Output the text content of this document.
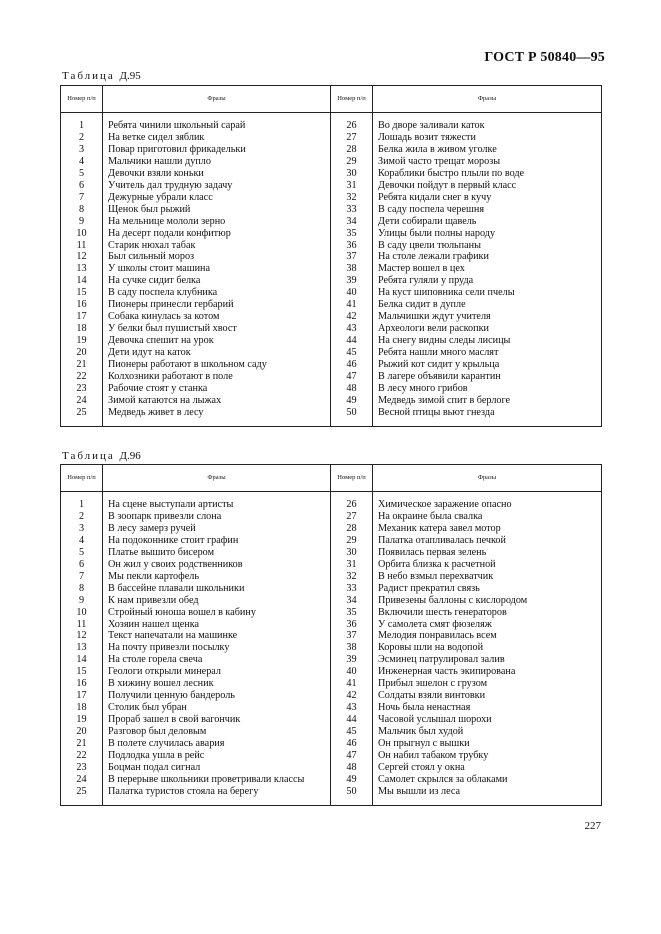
ГОСТ Р 50840—95
Таблица Д.95
Номер п/п	Фразы	Номер п/п	Фразы
1	Ребята чинили школьный сарай	26	Во дворе заливали каток
2	На ветке сидел зяблик	27	Лошадь возит тяжести
3	Повар приготовил фрикадельки	28	Белка жила в живом уголке
4	Мальчики нашли дупло	29	Зимой часто трещат морозы
5	Девочки взяли коньки	30	Кораблики быстро плыли по воде
6	Учитель дал трудную задачу	31	Девочки пойдут в первый класс
7	Дежурные убрали класс	32	Ребята кидали снег в кучу
8	Щенок был рыжий	33	В саду поспела черешня
9	На мельнице мололи зерно	34	Дети собирали щавель
10	На десерт подали конфитюр	35	Улицы были полны народу
11	Старик нюхал табак	36	В саду цвели тюльпаны
12	Был сильный мороз	37	На столе лежали графики
13	У школы стоит машина	38	Мастер вошел в цех
14	На сучке сидит белка	39	Ребята гуляли у пруда
15	В саду поспела клубника	40	На куст шиповника сели пчелы
16	Пионеры принесли гербарий	41	Белка сидит в дупле
17	Собака кинулась за котом	42	Мальчишки ждут учителя
18	У белки был пушистый хвост	43	Археологи вели раскопки
19	Девочка спешит на урок	44	На снегу видны следы лисицы
20	Дети идут на каток	45	Ребята нашли много маслят
21	Пионеры работают в школьном саду	46	Рыжий кот сидит у крыльца
22	Колхозники работают в поле	47	В лагере объявили карантин
23	Рабочие стоят у станка	48	В лесу много грибов
24	Зимой катаются на лыжах	49	Медведь зимой спит в берлоге
25	Медведь живет в лесу	50	Весной птицы вьют гнезда
Таблица Д.96
Номер п/п	Фразы	Номер п/п	Фразы
1	На сцене выступали артисты	26	Химическое заражение опасно
2	В зоопарк привезли слона	27	На окраине была свалка
3	В лесу замерз ручей	28	Механик катера завел мотор
4	На подоконнике стоит графин	29	Палатка отапливалась печкой
5	Платье вышито бисером	30	Появилась первая зелень
6	Он жил у своих родственников	31	Орбита близка к расчетной
7	Мы пекли картофель	32	В небо взмыл перехватчик
8	В бассейне плавали школьники	33	Радист прекратил связь
9	К нам привезли обед	34	Привезены баллоны с кислородом
10	Стройный юноша вошел в кабину	35	Включили шесть генераторов
11	Хозяин нашел щенка	36	У самолета смят фюзеляж
12	Текст напечатали на машинке	37	Мелодия понравилась всем
13	На почту привезли посылку	38	Коровы шли на водопой
14	На столе горела свеча	39	Эсминец патрулировал залив
15	Геологи открыли минерал	40	Инженерная часть экипирована
16	В хижину вошел лесник	41	Прибыл эшелон с грузом
17	Получили ценную бандероль	42	Солдаты взяли винтовки
18	Столик был убран	43	Ночь была ненастная
19	Прораб зашел в свой вагончик	44	Часовой услышал шорохи
20	Разговор был деловым	45	Мальчик был худой
21	В полете случилась авария	46	Он прыгнул с вышки
22	Подлодка ушла в рейс	47	Он набил табаком трубку
23	Боцман подал сигнал	48	Сергей стоял у окна
24	В перерыве школьники проветривали классы	49	Самолет скрылся за облаками
25	Палатка туристов стояла на берегу	50	Мы вышли из леса
227
